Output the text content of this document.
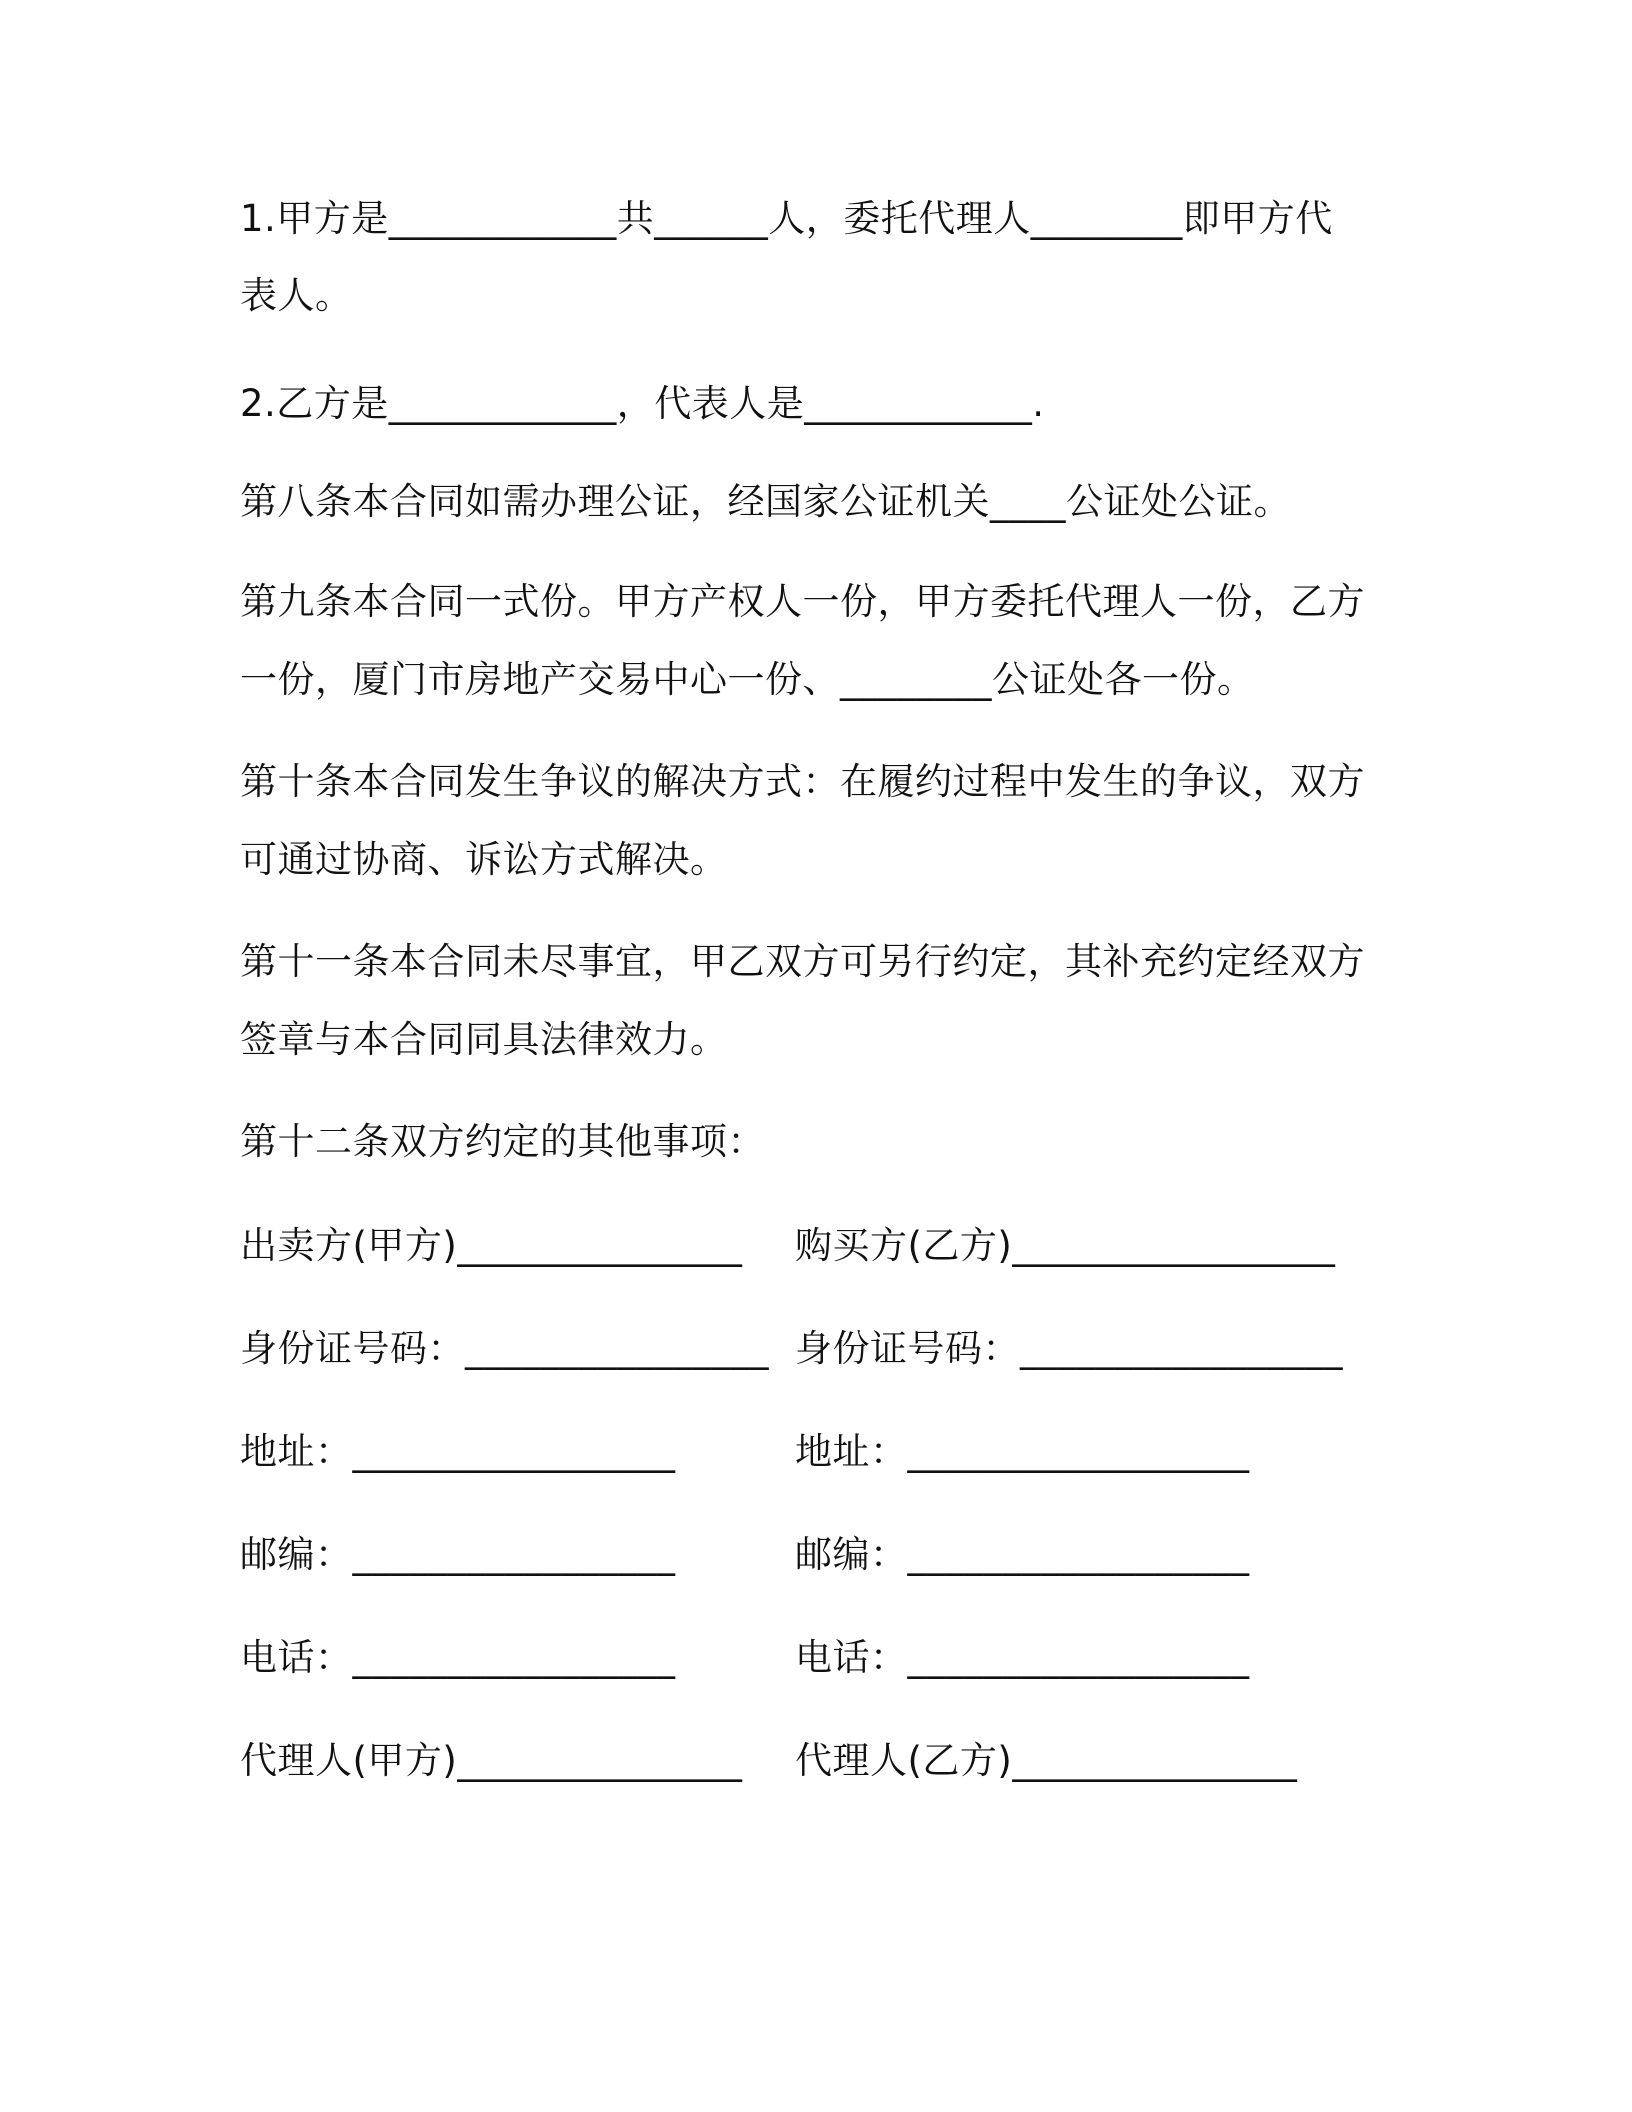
1.甲方是____________共______人，委托代理人________即甲方代
表人。
2.乙方是____________，代表人是____________.
第八条本合同如需办理公证，经国家公证机关____公证处公证。
第九条本合同一式份。甲方产权人一份，甲方委托代理人一份，乙方
一份，厦门市房地产交易中心一份、________公证处各一份。
第十条本合同发生争议的解决方式：在履约过程中发生的争议，双方
可通过协商、诉讼方式解决。
第十一条本合同未尽事宜，甲乙双方可另行约定，其补充约定经双方
签章与本合同同具法律效力。
第十二条双方约定的其他事项：
出卖方(甲方)_______________ 购买方(乙方)_________________
身份证号码：________________ 身份证号码：_________________
地址：_________________	地址：__________________
邮编：_________________	邮编：__________________
电话：_________________	电话：__________________
代理人(甲方)_______________ 代理人(乙方)_______________
